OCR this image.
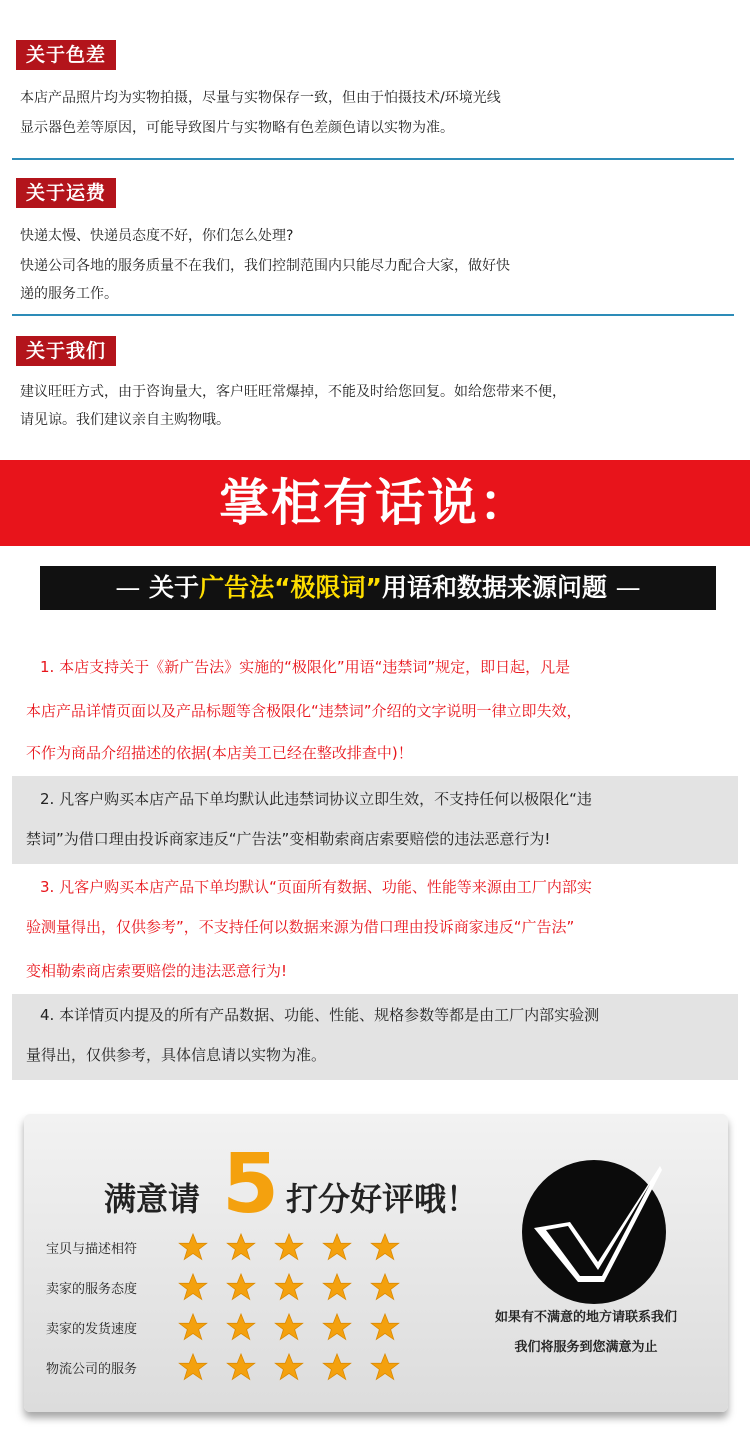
关于色差
本店产品照片均为实物拍摄，尽量与实物保存一致，但由于怕摄技术/环境光线
显示器色差等原因，可能导致图片与实物略有色差颜色请以实物为准。
关于运费
快递太慢、快递员态度不好，你们怎么处理?
快递公司各地的服务质量不在我们，我们控制范围内只能尽力配合大家，做好快
递的服务工作。
关于我们
建议旺旺方式，由于咨询量大，客户旺旺常爆掉，不能及时给您回复。如给您带来不便，
请见谅。我们建议亲自主购物哦。
掌柜有话说：
— 关于广告法“极限词”用语和数据来源问题 —
1. 本店支持关于《新广告法》实施的“极限化”用语“违禁词”规定，即日起，凡是
本店产品详情页面以及产品标题等含极限化“违禁词”介绍的文字说明一律立即失效，
不作为商品介绍描述的依据(本店美工已经在整改排查中)！
2. 凡客户购买本店产品下单均默认此违禁词协议立即生效，不支持任何以极限化“违
禁词”为借口理由投诉商家违反“广告法”变相勒索商店索要赔偿的违法恶意行为!
3. 凡客户购买本店产品下单均默认“页面所有数据、功能、性能等来源由工厂内部实
验测量得出，仅供参考”，不支持任何以数据来源为借口理由投诉商家违反“广告法”
变相勒索商店索要赔偿的违法恶意行为!
4. 本详情页内提及的所有产品数据、功能、性能、规格参数等都是由工厂内部实验测
量得出，仅供参考，具体信息请以实物为准。
满意请 5 打分好评哦！
宝贝与描述相符
卖家的服务态度
卖家的发货速度
物流公司的服务
如果有不满意的地方请联系我们
我们将服务到您满意为止
